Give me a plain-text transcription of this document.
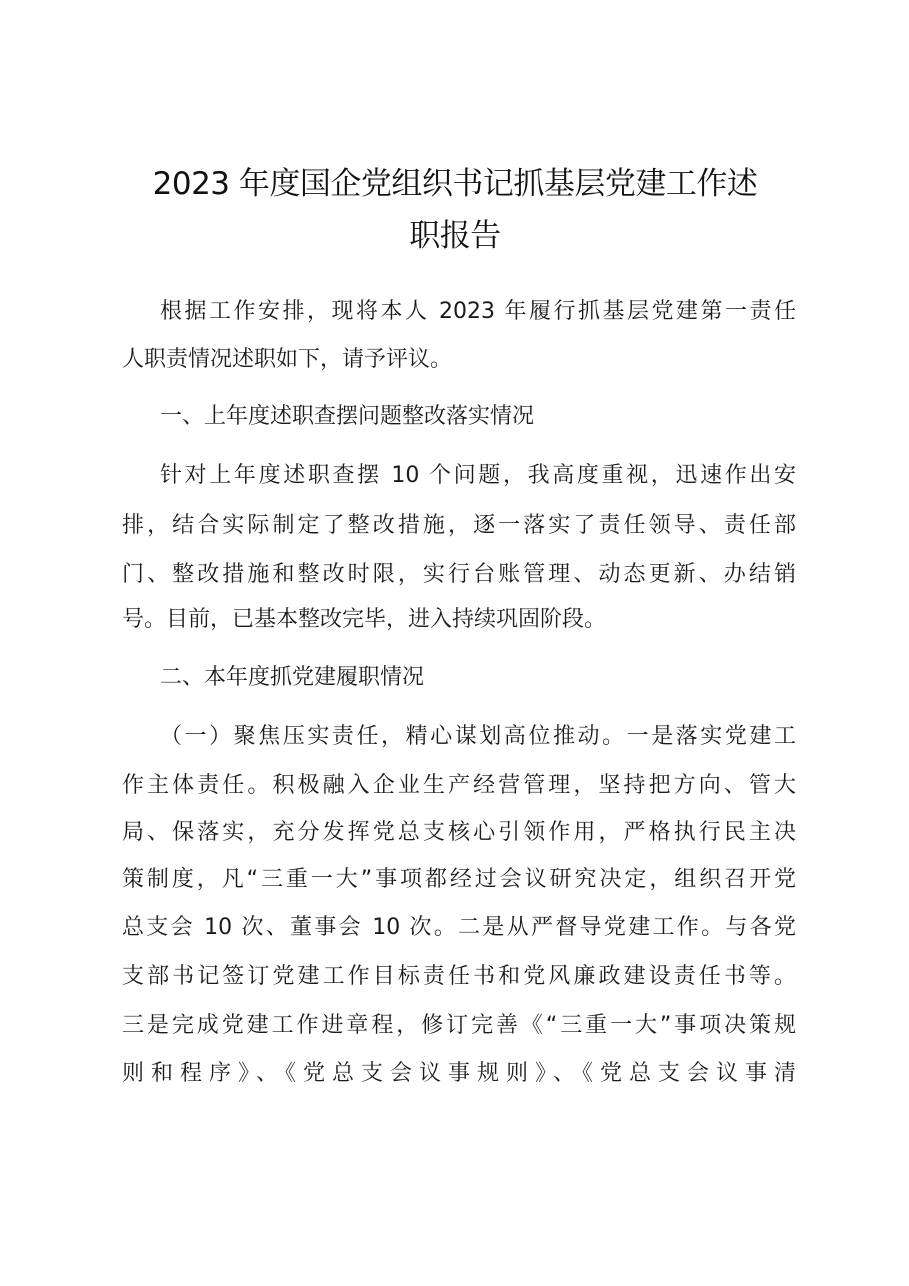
2023 年度国企党组织书记抓基层党建工作述
职报告

根据工作安排，现将本人 2023 年履行抓基层党建第一责任

人职责情况述职如下，请予评议。

一、上年度述职查摆问题整改落实情况

针对上年度述职查摆 10 个问题，我高度重视，迅速作出安

排，结合实际制定了整改措施，逐一落实了责任领导、责任部

门、整改措施和整改时限，实行台账管理、动态更新、办结销

号。目前，已基本整改完毕，进入持续巩固阶段。

二、本年度抓党建履职情况

（一）聚焦压实责任，精心谋划高位推动。一是落实党建工

作主体责任。积极融入企业生产经营管理，坚持把方向、管大

局、保落实，充分发挥党总支核心引领作用，严格执行民主决

策制度，凡“三重一大”事项都经过会议研究决定，组织召开党

总支会 10 次、董事会 10 次。二是从严督导党建工作。与各党

支部书记签订党建工作目标责任书和党风廉政建设责任书等。

三是完成党建工作进章程，修订完善《“三重一大”事项决策规

则和程序》、《党总支会议事规则》、《党总支会议事清
